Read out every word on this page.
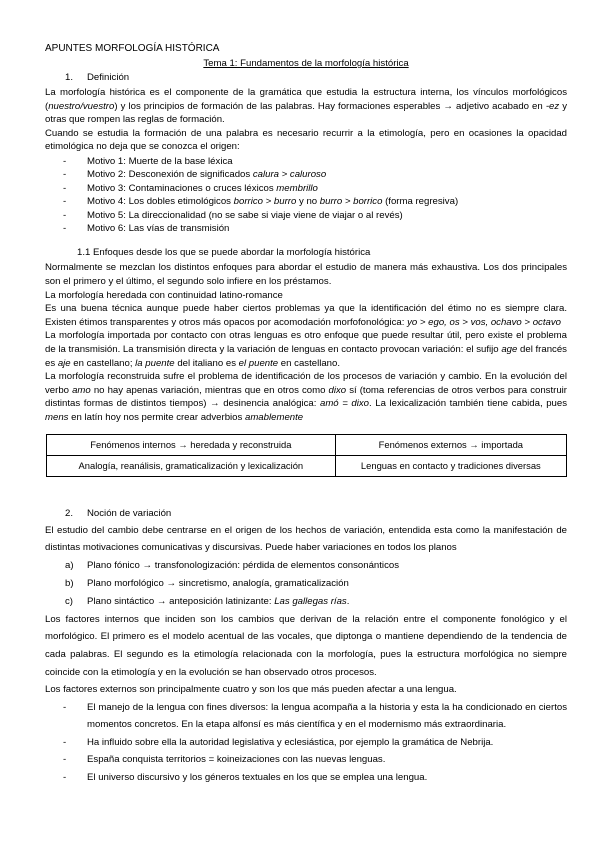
APUNTES MORFOLOGÍA HISTÓRICA

Tema 1: Fundamentos de la morfología histórica

1. Definición

La morfología histórica es el componente de la gramática que estudia la estructura interna, los vínculos morfológicos (nuestro/vuestro) y los principios de formación de las palabras. Hay formaciones esperables → adjetivo acabado en -ez y otras que rompen las reglas de formación.

Cuando se estudia la formación de una palabra es necesario recurrir a la etimología, pero en ocasiones la opacidad etimológica no deja que se conozca el origen:

- Motivo 1: Muerte de la base léxica
- Motivo 2: Desconexión de significados calura > caluroso
- Motivo 3: Contaminaciones o cruces léxicos membrillo
- Motivo 4: Los dobles etimológicos borrico > burro y no burro > borrico (forma regresiva)
- Motivo 5: La direccionalidad (no se sabe si viaje viene de viajar o al revés)
- Motivo 6: Las vías de transmisión
1.1 Enfoques desde los que se puede abordar la morfología histórica

Normalmente se mezclan los distintos enfoques para abordar el estudio de manera más exhaustiva. Los dos principales son el primero y el último, el segundo solo infiere en los préstamos.

La morfología heredada con continuidad latino-romance

Es una buena técnica aunque puede haber ciertos problemas ya que la identificación del étimo no es siempre clara. Existen étimos transparentes y otros más opacos por acomodación morfofonológica: yo > ego, os > vos, ochavo > octavo

La morfología importada por contacto con otras lenguas es otro enfoque que puede resultar útil, pero existe el problema de la transmisión. La transmisión directa y la variación de lenguas en contacto provocan variación: el sufijo age del francés es aje en castellano; la puente del italiano es el puente en castellano.

La morfología reconstruida sufre el problema de identificación de los procesos de variación y cambio. En la evolución del verbo amo no hay apenas variación, mientras que en otros como dixo sí (toma referencias de otros verbos para construir distintas formas de distintos tiempos) → desinencia analógica: amó = dixo. La lexicalización también tiene cabida, pues mens en latín hoy nos permite crear adverbios amablemente

Fenómenos internos → heredada y reconstruida	Fenómenos externos → importada
Analogía, reanálisis, gramaticalización y lexicalización	Lenguas en contacto y tradiciones diversas
2. Noción de variación

El estudio del cambio debe centrarse en el origen de los hechos de variación, entendida esta como la manifestación de distintas motivaciones comunicativas y discursivas. Puede haber variaciones en todos los planos

a) Plano fónico → transfonologización: pérdida de elementos consonánticos
b) Plano morfológico → sincretismo, analogía, gramaticalización
c) Plano sintáctico → anteposición latinizante: Las gallegas rías.

Los factores internos que inciden son los cambios que derivan de la relación entre el componente fonológico y el morfológico. El primero es el modelo acentual de las vocales, que diptonga o mantiene dependiendo de la tendencia de cada palabras. El segundo es la etimología relacionada con la morfología, pues la estructura morfológica no siempre coincide con la etimología y en la evolución se han observado otros procesos.

Los factores externos son principalmente cuatro y son los que más pueden afectar a una lengua.

- El manejo de la lengua con fines diversos: la lengua acompaña a la historia y esta la ha condicionado en ciertos momentos concretos. En la etapa alfonsí es más científica y en el modernismo más extraordinaria.
- Ha influido sobre ella la autoridad legislativa y eclesiástica, por ejemplo la gramática de Nebrija.
- España conquista territorios = koineizaciones con las nuevas lenguas.
- El universo discursivo y los géneros textuales en los que se emplea una lengua.
